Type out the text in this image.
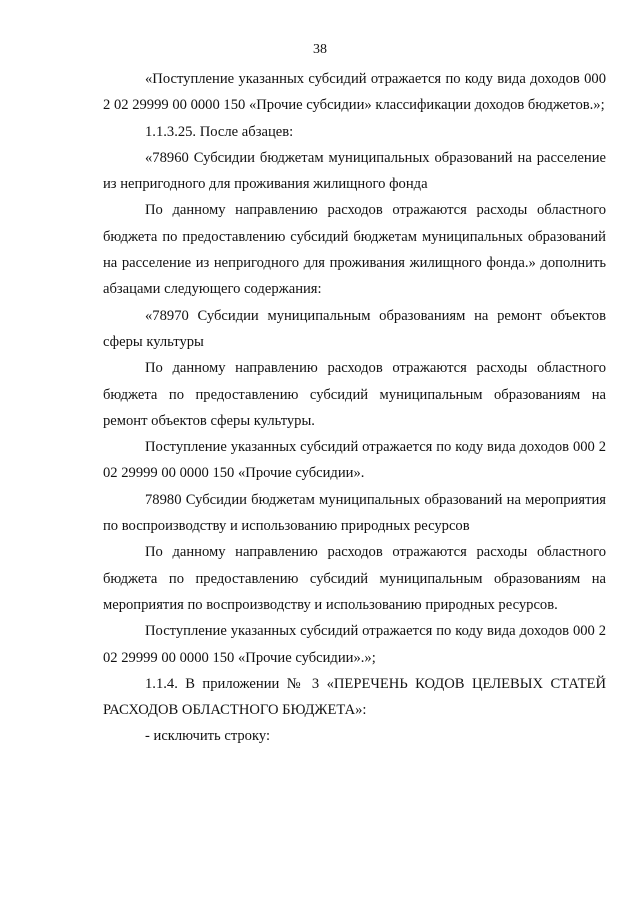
38

«Поступление указанных субсидий отражается по коду вида доходов 000 2 02 29999 00 0000 150 «Прочие субсидии» классификации доходов бюджетов.»;

1.1.3.25. После абзацев:

«78960 Субсидии бюджетам муниципальных образований на расселение из непригодного для проживания жилищного фонда

По данному направлению расходов отражаются расходы областного бюджета по предоставлению субсидий бюджетам муниципальных образований на расселение из непригодного для проживания жилищного фонда.» дополнить абзацами следующего содержания:

«78970 Субсидии муниципальным образованиям на ремонт объектов сферы культуры

По данному направлению расходов отражаются расходы областного бюджета по предоставлению субсидий муниципальным образованиям на ремонт объектов сферы культуры.

Поступление указанных субсидий отражается по коду вида доходов 000 2 02 29999 00 0000 150 «Прочие субсидии».

78980 Субсидии бюджетам муниципальных образований на мероприятия по воспроизводству и использованию природных ресурсов

По данному направлению расходов отражаются расходы областного бюджета по предоставлению субсидий муниципальным образованиям на мероприятия по воспроизводству и использованию природных ресурсов.

Поступление указанных субсидий отражается по коду вида доходов 000 2 02 29999 00 0000 150 «Прочие субсидии».»;

1.1.4. В приложении № 3 «ПЕРЕЧЕНЬ КОДОВ ЦЕЛЕВЫХ СТАТЕЙ РАСХОДОВ ОБЛАСТНОГО БЮДЖЕТА»:

- исключить строку:
